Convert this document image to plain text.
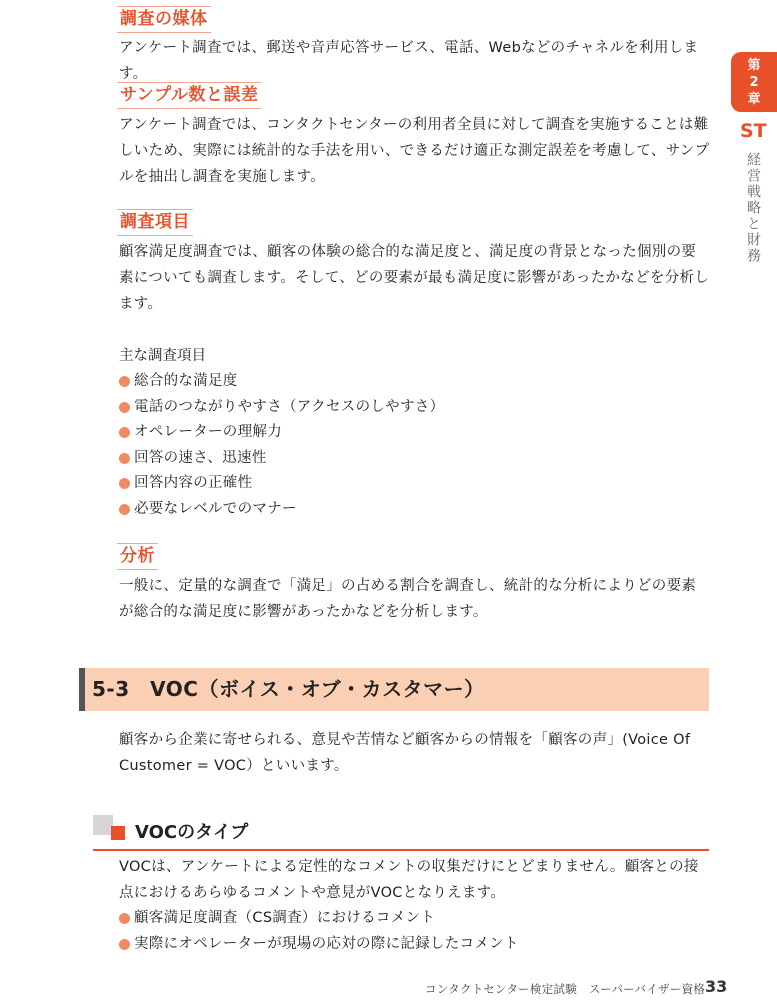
調査の媒体

アンケート調査では、郵送や音声応答サービス、電話、Webなどのチャネルを利用します。

サンプル数と誤差

アンケート調査では、コンタクトセンターの利用者全員に対して調査を実施することは難

しいため、実際には統計的な手法を用い、できるだけ適正な測定誤差を考慮して、サンプ

ルを抽出し調査を実施します。

調査項目

顧客満足度調査では、顧客の体験の総合的な満足度と、満足度の背景となった個別の要

素についても調査します。そして、どの要素が最も満足度に影響があったかなどを分析し

ます。

主な調査項目
総合的な満足度
電話のつながりやすさ（アクセスのしやすさ）
オペレーターの理解力
回答の速さ、迅速性
回答内容の正確性
必要なレベルでのマナー
分析

一般に、定量的な調査で「満足」の占める割合を調査し、統計的な分析によりどの要素

が総合的な満足度に影響があったかなどを分析します。

5-3　VOC（ボイス・オブ・カスタマー）

顧客から企業に寄せられる、意見や苦情など顧客からの情報を「顧客の声」(Voice Of

Customer = VOC）といいます。

VOCのタイプ

VOCは、アンケートによる定性的なコメントの収集だけにとどまりません。顧客との接

点におけるあらゆるコメントや意見がVOCとなりえます。

顧客満足度調査（CS調査）におけるコメント
実際にオペレーターが現場の応対の際に記録したコメント
第
2
章
ST
経営戦略と財務
コンタクトセンター検定試験　スーパーバイザー資格 33
